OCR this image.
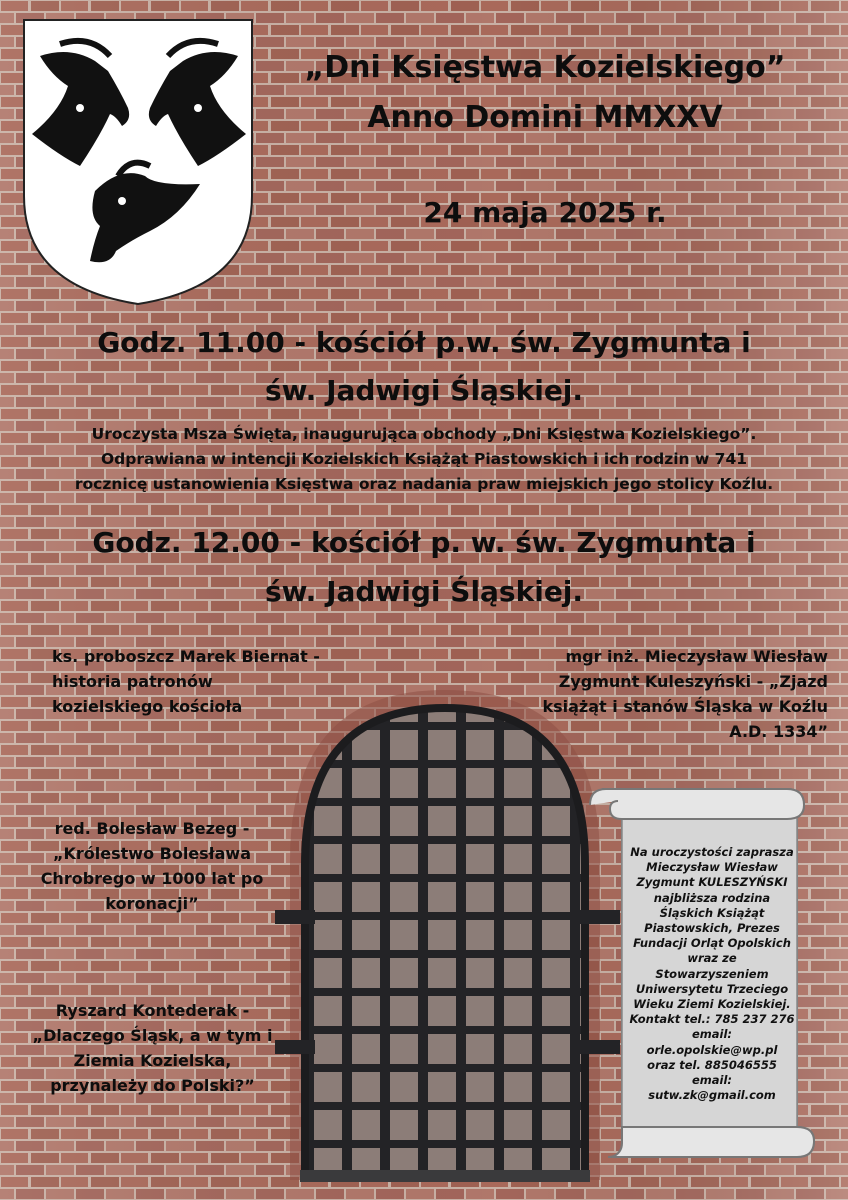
„Dni Księstwa Kozielskiego”
Anno Domini MMXXV
24 maja 2025 r.
Godz. 11.00 - kościół p.w. św. Zygmunta i
św. Jadwigi Śląskiej.
Uroczysta Msza Święta, inaugurująca obchody „Dni Księstwa Kozielskiego”.
Odprawiana w intencji Kozielskich Książąt Piastowskich i ich rodzin w 741
rocznicę ustanowienia Księstwa oraz nadania praw miejskich jego stolicy Koźlu.
Godz. 12.00 - kościół p. w. św. Zygmunta i
św. Jadwigi Śląskiej.
ks. proboszcz Marek Biernat -
historia patronów
kozielskiego kościoła
mgr inż. Mieczysław Wiesław
Zygmunt Kuleszyński - „Zjazd
książąt i stanów Śląska w Koźlu
A.D. 1334”
red. Bolesław Bezeg -
„Królestwo Bolesława
Chrobrego w 1000 lat po
koronacji”
Ryszard Kontederak -
„Dlaczego Śląsk, a w tym i
Ziemia Kozielska,
przynależy do Polski?”
Na uroczystości zaprasza
Mieczysław Wiesław
Zygmunt KULESZYŃSKI
najbliższa rodzina
Śląskich Książąt
Piastowskich, Prezes
Fundacji Orląt Opolskich
wraz ze
Stowarzyszeniem
Uniwersytetu Trzeciego
Wieku Ziemi Kozielskiej.
Kontakt tel.: 785 237 276
email:
orle.opolskie@wp.pl
oraz tel. 885046555
email:
sutw.zk@gmail.com
